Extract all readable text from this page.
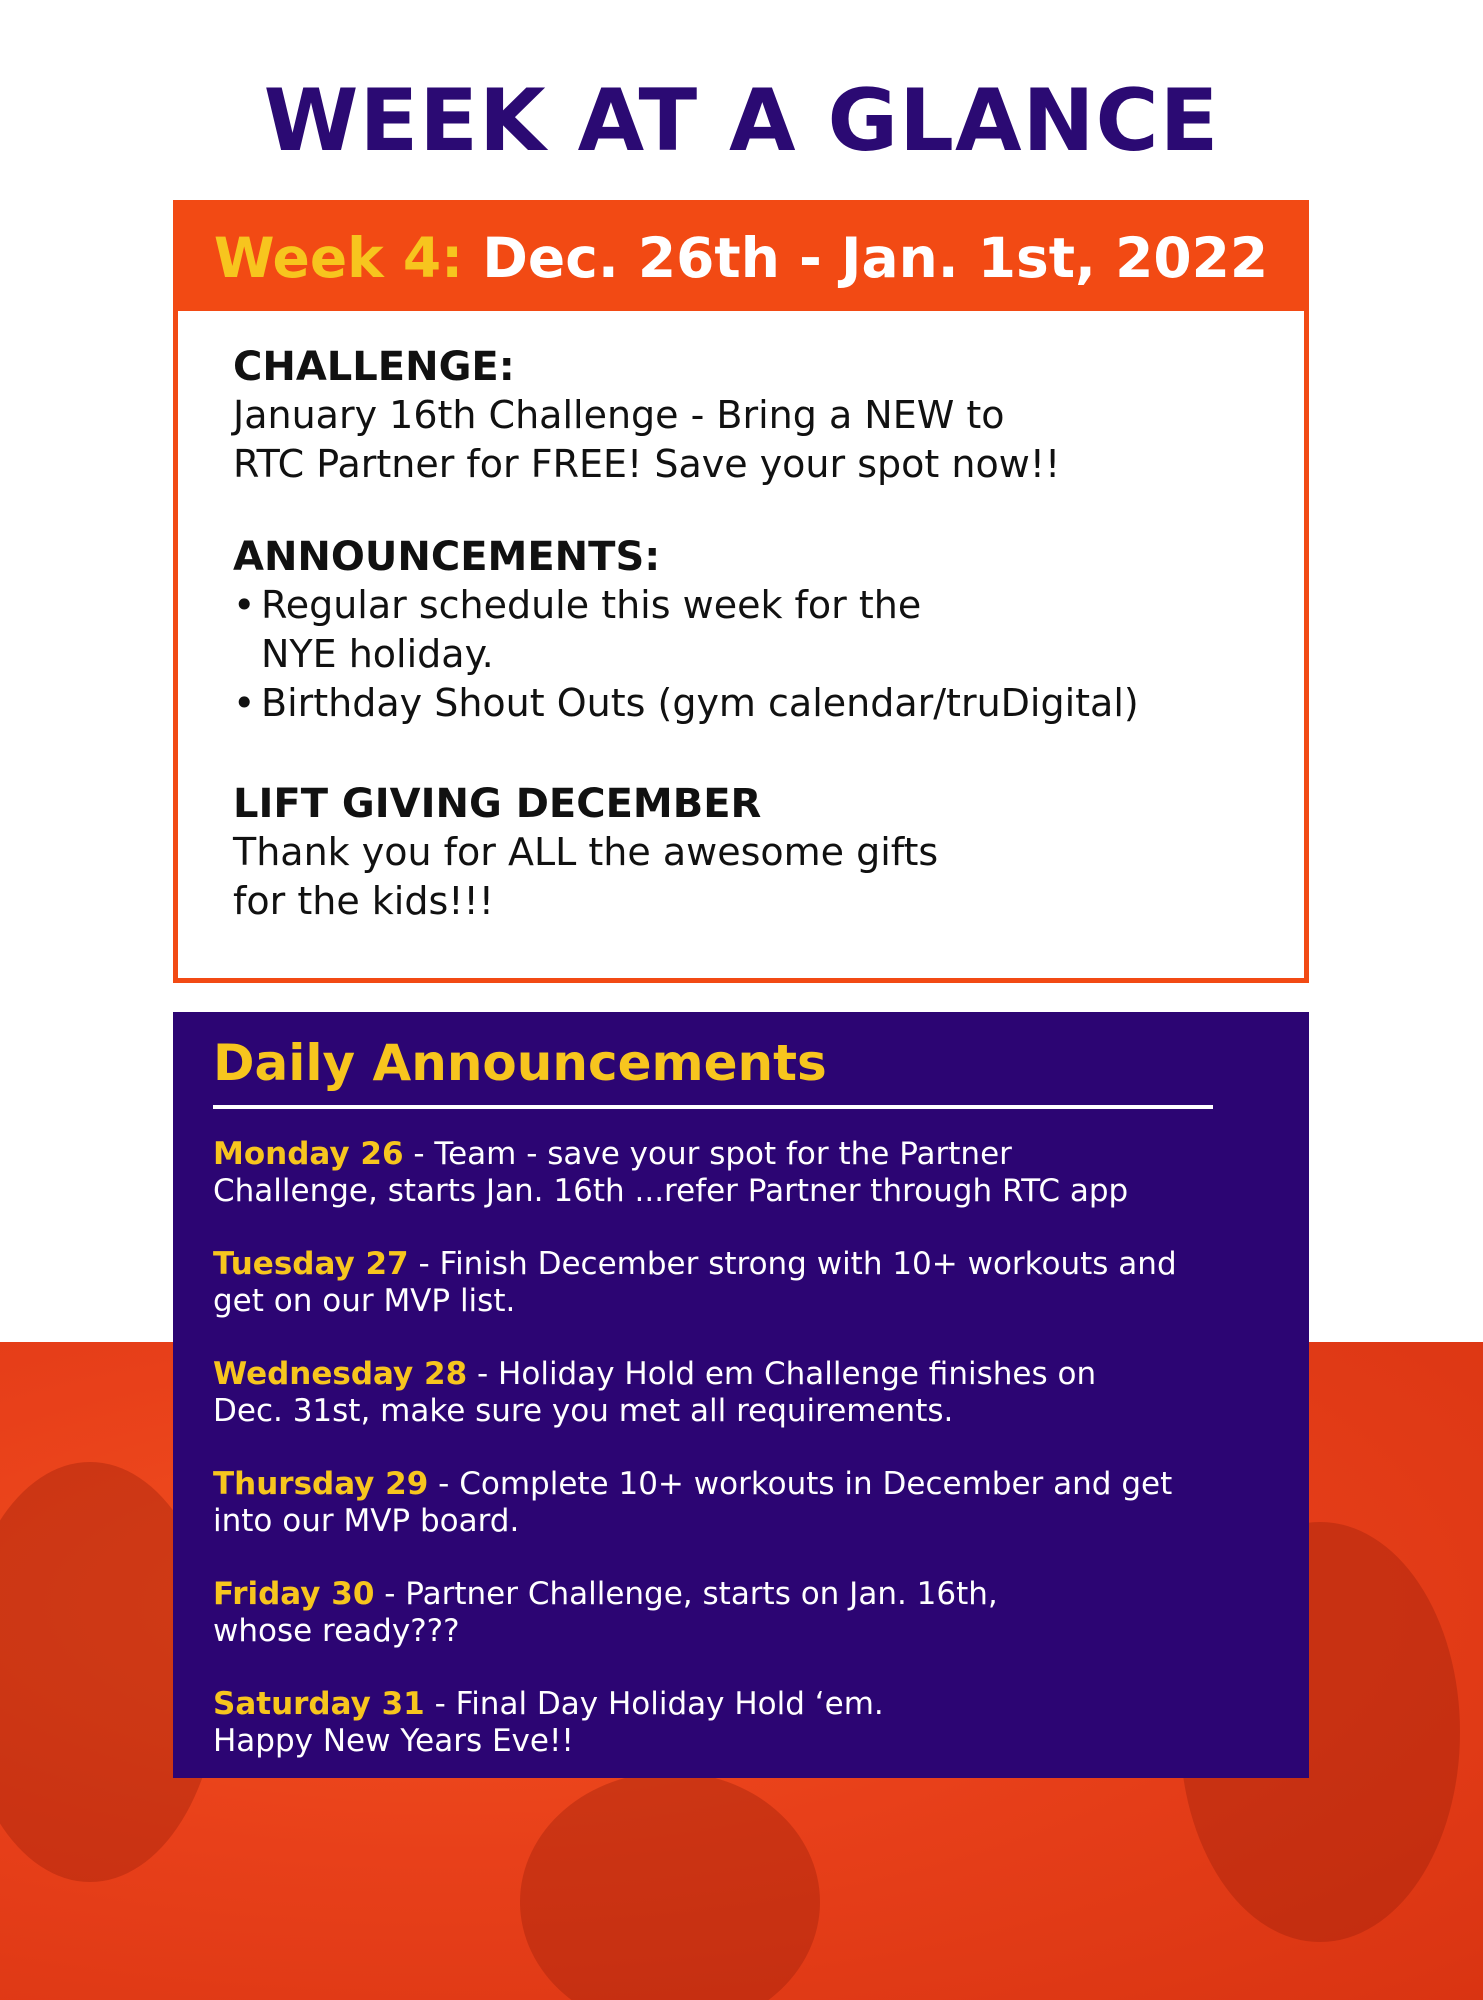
WEEK AT A GLANCE
Week 4: Dec. 26th - Jan. 1st, 2022

CHALLENGE:

January 16th Challenge - Bring a NEW to

RTC Partner for FREE! Save your spot now!!

ANNOUNCEMENTS:

• Regular schedule this week for the
NYE holiday.
• Birthday Shout Outs (gym calendar/truDigital)

LIFT GIVING DECEMBER

Thank you for ALL the awesome gifts

for the kids!!!

Daily Announcements
Monday 26 - Team - save your spot for the Partner
Challenge, starts Jan. 16th ...refer Partner through RTC app
Tuesday 27 - Finish December strong with 10+ workouts and
get on our MVP list.
Wednesday 28 - Holiday Hold em Challenge finishes on
Dec. 31st, make sure you met all requirements.
Thursday 29 - Complete 10+ workouts in December and get
into our MVP board.
Friday 30 - Partner Challenge, starts on Jan. 16th,
whose ready???
Saturday 31 - Final Day Holiday Hold ‘em.
Happy New Years Eve!!
